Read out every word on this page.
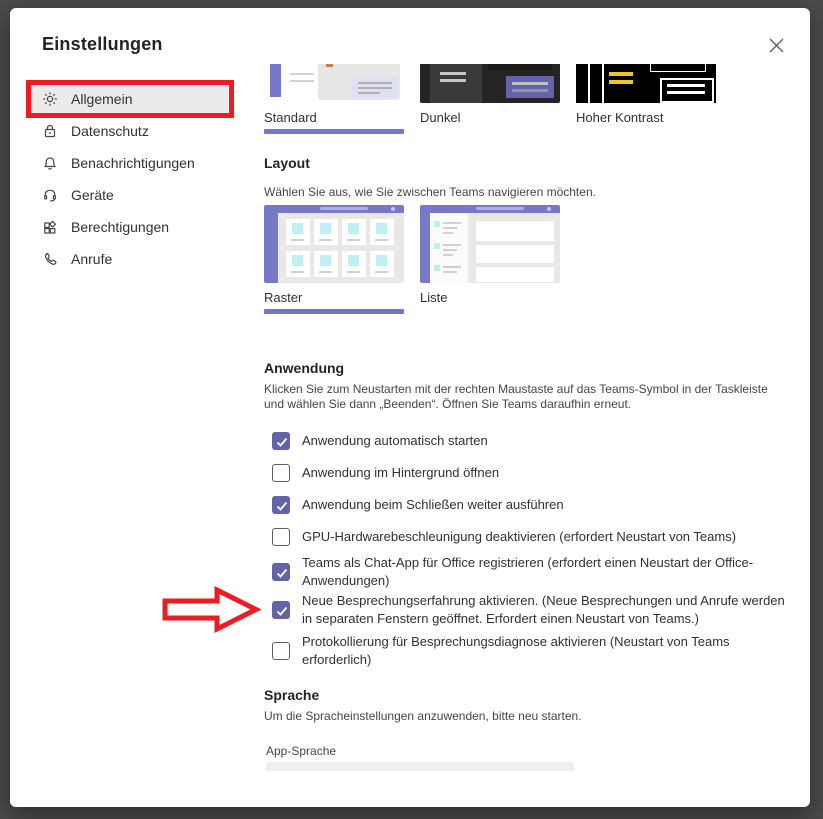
Einstellungen
Allgemein
Datenschutz
Benachrichtigungen
Geräte
Berechtigungen
Anrufe
Standard	Dunkel	Hoher Kontrast
Layout
Wählen Sie aus, wie Sie zwischen Teams navigieren möchten.
Raster	Liste
Anwendung
Klicken Sie zum Neustarten mit der rechten Maustaste auf das Teams-Symbol in der Taskleiste und wählen Sie dann „Beenden“. Öffnen Sie Teams daraufhin erneut.
Anwendung automatisch starten
Anwendung im Hintergrund öffnen
Anwendung beim Schließen weiter ausführen
GPU-Hardwarebeschleunigung deaktivieren (erfordert Neustart von Teams)
Teams als Chat-App für Office registrieren (erfordert einen Neustart der Office-Anwendungen)
Neue Besprechungserfahrung aktivieren. (Neue Besprechungen und Anrufe werden in separaten Fenstern geöffnet. Erfordert einen Neustart von Teams.)
Protokollierung für Besprechungsdiagnose aktivieren (Neustart von Teams erforderlich)
Sprache
Um die Spracheinstellungen anzuwenden, bitte neu starten.
App-Sprache
